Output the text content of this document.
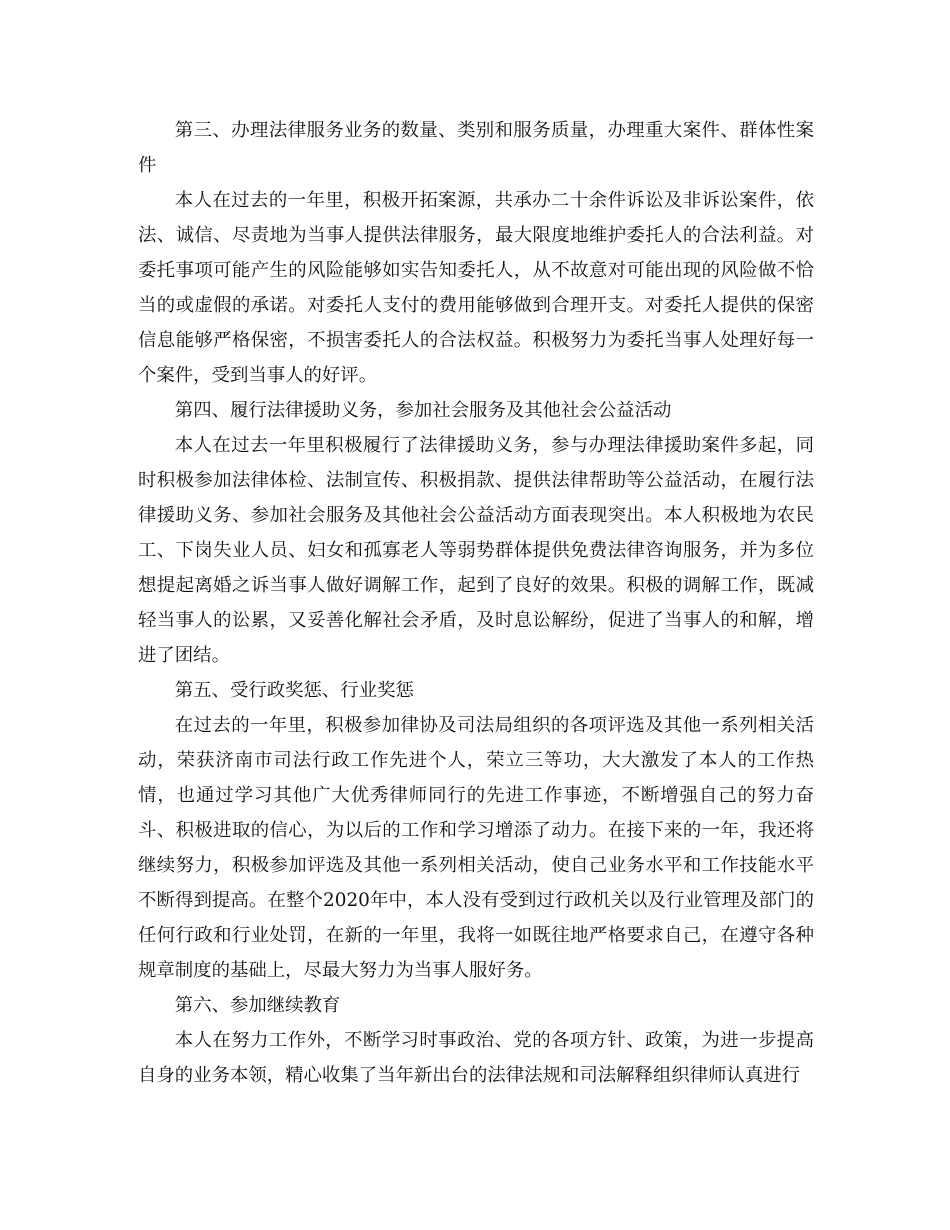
第三、办理法律服务业务的数量、类别和服务质量，办理重大案件、群体性案件

本人在过去的一年里，积极开拓案源，共承办二十余件诉讼及非诉讼案件，依法、诚信、尽责地为当事人提供法律服务，最大限度地维护委托人的合法利益。对委托事项可能产生的风险能够如实告知委托人，从不故意对可能出现的风险做不恰当的或虚假的承诺。对委托人支付的费用能够做到合理开支。对委托人提供的保密信息能够严格保密，不损害委托人的合法权益。积极努力为委托当事人处理好每一个案件，受到当事人的好评。

第四、履行法律援助义务，参加社会服务及其他社会公益活动

本人在过去一年里积极履行了法律援助义务，参与办理法律援助案件多起，同时积极参加法律体检、法制宣传、积极捐款、提供法律帮助等公益活动，在履行法律援助义务、参加社会服务及其他社会公益活动方面表现突出。本人积极地为农民工、下岗失业人员、妇女和孤寡老人等弱势群体提供免费法律咨询服务，并为多位想提起离婚之诉当事人做好调解工作，起到了良好的效果。积极的调解工作，既减轻当事人的讼累，又妥善化解社会矛盾，及时息讼解纷，促进了当事人的和解，增进了团结。

第五、受行政奖惩、行业奖惩

在过去的一年里，积极参加律协及司法局组织的各项评选及其他一系列相关活动，荣获济南市司法行政工作先进个人，荣立三等功，大大激发了本人的工作热情，也通过学习其他广大优秀律师同行的先进工作事迹，不断增强自己的努力奋斗、积极进取的信心，为以后的工作和学习增添了动力。在接下来的一年，我还将继续努力，积极参加评选及其他一系列相关活动，使自己业务水平和工作技能水平不断得到提高。在整个2020年中，本人没有受到过行政机关以及行业管理及部门的任何行政和行业处罚，在新的一年里，我将一如既往地严格要求自己，在遵守各种规章制度的基础上，尽最大努力为当事人服好务。

第六、参加继续教育

本人在努力工作外，不断学习时事政治、党的各项方针、政策，为进一步提高自身的业务本领，精心收集了当年新出台的法律法规和司法解释组织律师认真进行
